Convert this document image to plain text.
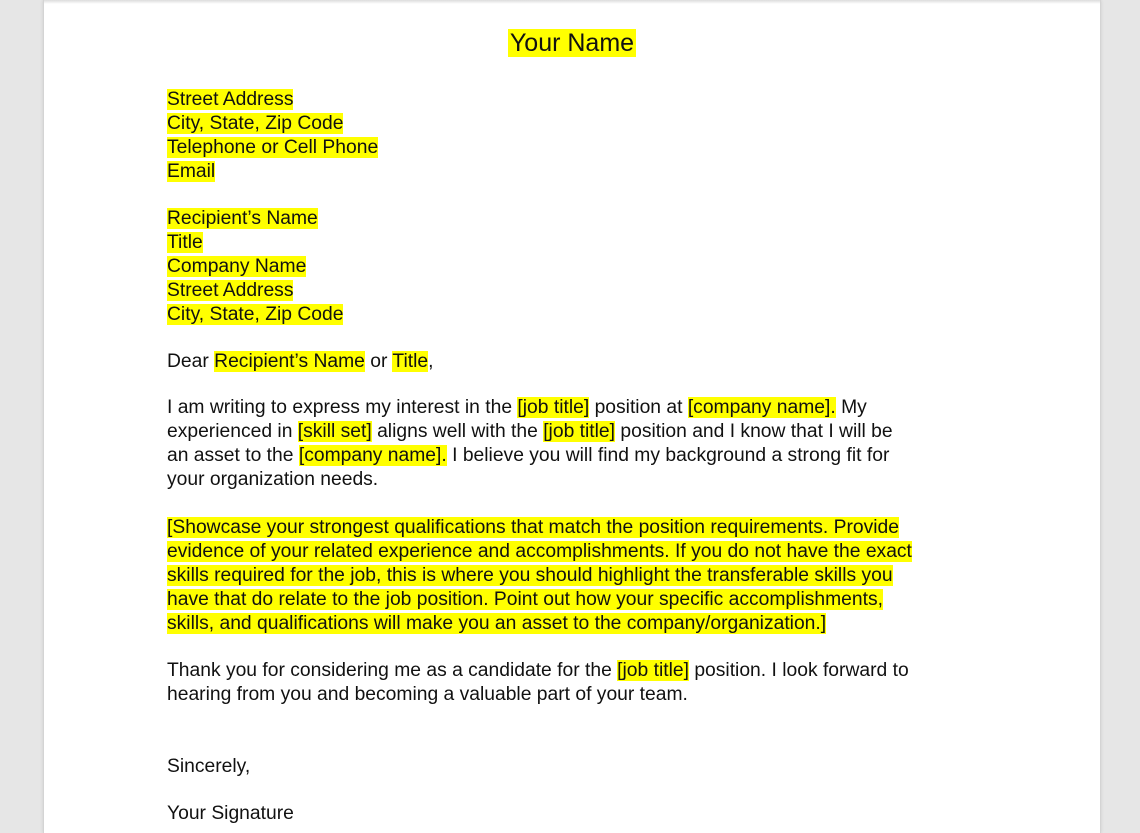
Your Name
Street Address
City, State, Zip Code
Telephone or Cell Phone
Email
Recipient’s Name
Title
Company Name
Street Address
City, State, Zip Code
Dear Recipient’s Name or Title,
I am writing to express my interest in the [job title] position at [company name]. My
experienced in [skill set] aligns well with the [job title] position and I know that I will be
an asset to the [company name]. I believe you will find my background a strong fit for
your organization needs.
[Showcase your strongest qualifications that match the position requirements. Provide
evidence of your related experience and accomplishments. If you do not have the exact
skills required for the job, this is where you should highlight the transferable skills you
have that do relate to the job position. Point out how your specific accomplishments,
skills, and qualifications will make you an asset to the company/organization.]
Thank you for considering me as a candidate for the [job title] position. I look forward to
hearing from you and becoming a valuable part of your team.
Sincerely,
Your Signature
